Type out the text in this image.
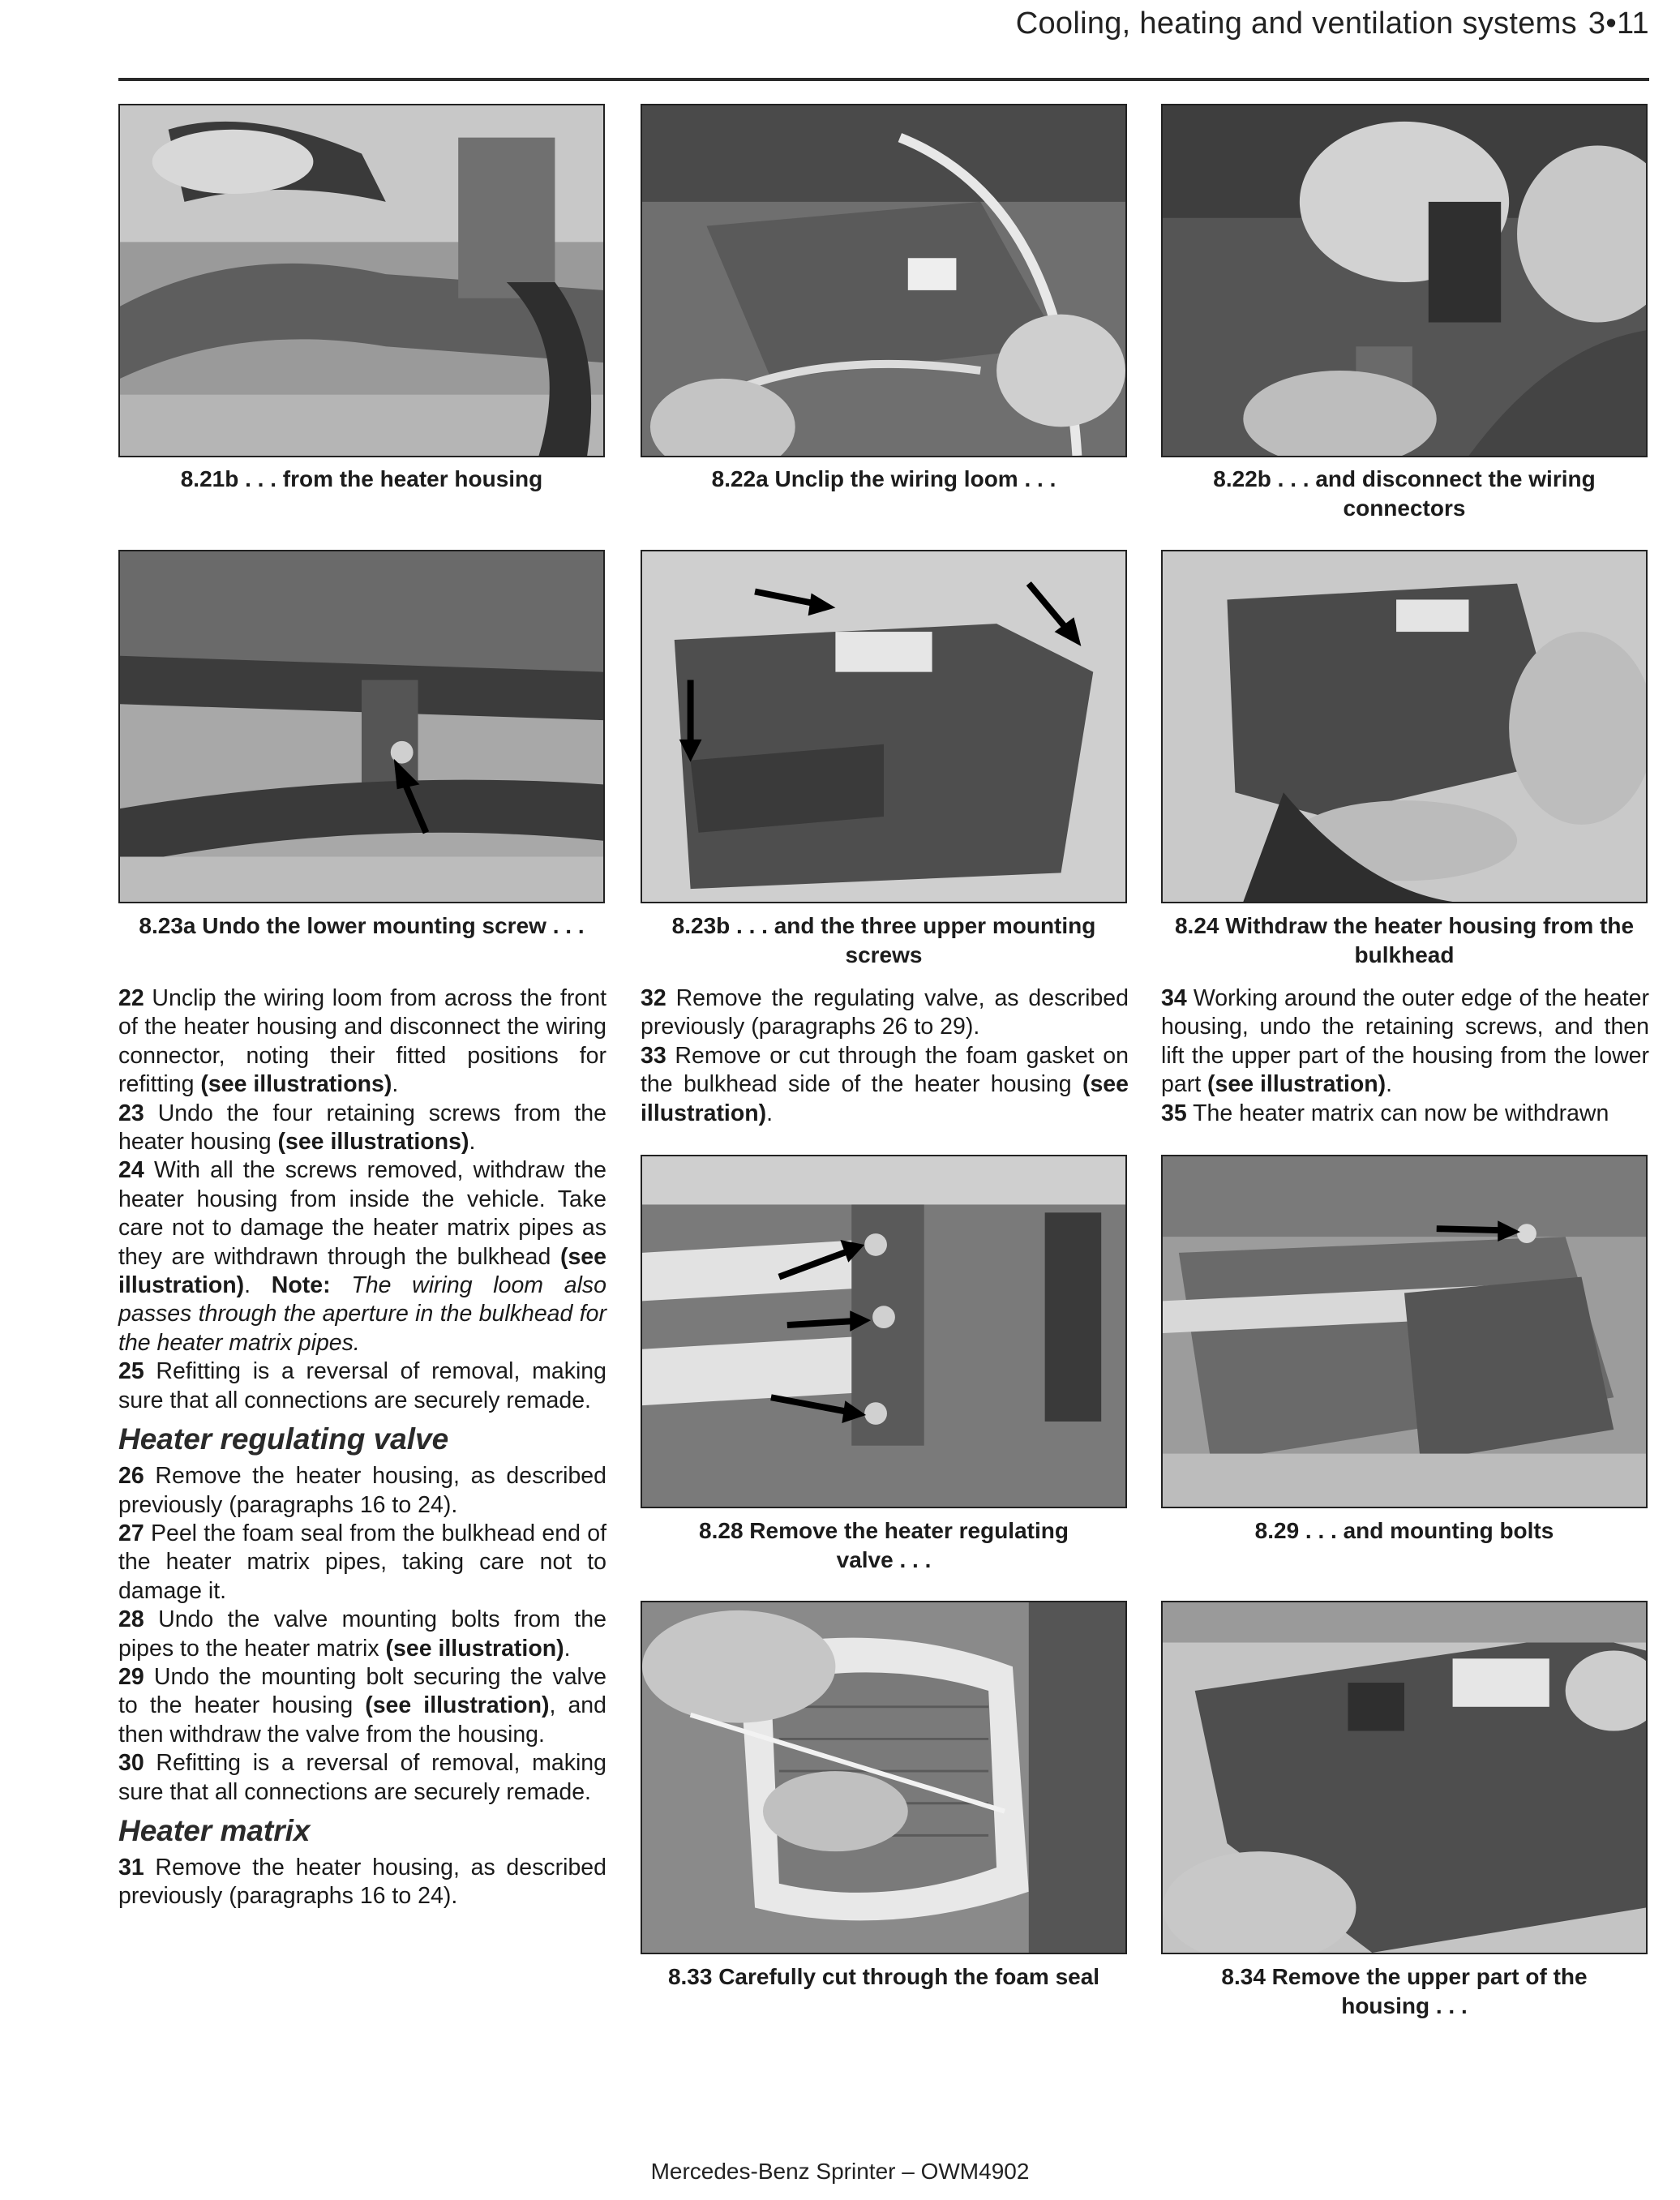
Cooling, heating and ventilation systems 3•11
8.21b . . . from the heater housing	8.22a Unclip the wiring loom . . .	8.22b . . . and disconnect the wiring connectors
8.23a Undo the lower mounting screw . . .	8.23b . . . and the three upper mounting screws
8.24 Withdraw the heater housing from the bulkhead

22 Unclip the wiring loom from across the front of the heater housing and disconnect the wiring connector, noting their fitted positions for refitting (see illustrations).

23 Undo the four retaining screws from the heater housing (see illustrations).

24 With all the screws removed, withdraw the heater housing from inside the vehicle. Take care not to damage the heater matrix pipes as they are withdrawn through the bulkhead (see illustration). Note: The wiring loom also passes through the aperture in the bulkhead for the heater matrix pipes.

25 Refitting is a reversal of removal, making sure that all connections are securely remade.

Heater regulating valve

26 Remove the heater housing, as described previously (paragraphs 16 to 24).

27 Peel the foam seal from the bulkhead end of the heater matrix pipes, taking care not to damage it.

28 Undo the valve mounting bolts from the pipes to the heater matrix (see illustration).

29 Undo the mounting bolt securing the valve to the heater housing (see illustration), and then withdraw the valve from the housing.

30 Refitting is a reversal of removal, making sure that all connections are securely remade.

Heater matrix

31 Remove the heater housing, as described previously (paragraphs 16 to 24).

32 Remove the regulating valve, as described previously (paragraphs 26 to 29).

33 Remove or cut through the foam gasket on the bulkhead side of the heater housing (see illustration).

34 Working around the outer edge of the heater housing, undo the retaining screws, and then lift the upper part of the housing from the lower part (see illustration).

35 The heater matrix can now be withdrawn

8.28 Remove the heater regulating valve . . .
8.29 . . . and mounting bolts
8.33 Carefully cut through the foam seal	8.34 Remove the upper part of the housing . . .
Mercedes-Benz Sprinter – OWM4902
